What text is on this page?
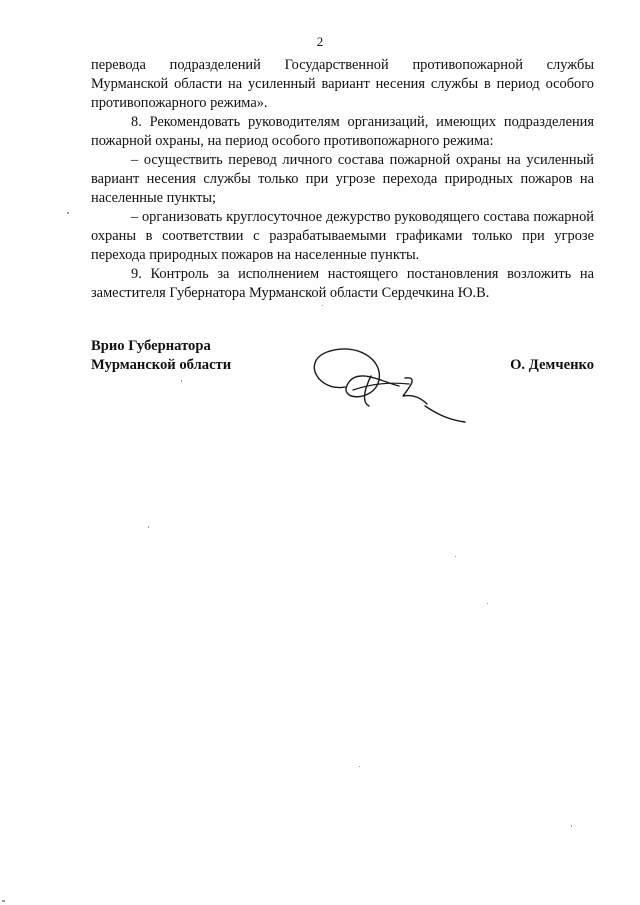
2

перевода подразделений Государственной противопожарной службы Мурманской области на усиленный вариант несения службы в период особого противопожарного режима».

8. Рекомендовать руководителям организаций, имеющих подразделения пожарной охраны, на период особого противопожарного режима:

– осуществить перевод личного состава пожарной охраны на усиленный вариант несения службы только при угрозе перехода природных пожаров на населенные пункты;

– организовать круглосуточное дежурство руководящего состава пожарной охраны в соответствии с разрабатываемыми графиками только при угрозе перехода природных пожаров на населенные пункты.

9. Контроль за исполнением настоящего постановления возложить на заместителя Губернатора Мурманской области Сердечкина Ю.В.

Врио Губернатора
Мурманской области	О. Демченко
